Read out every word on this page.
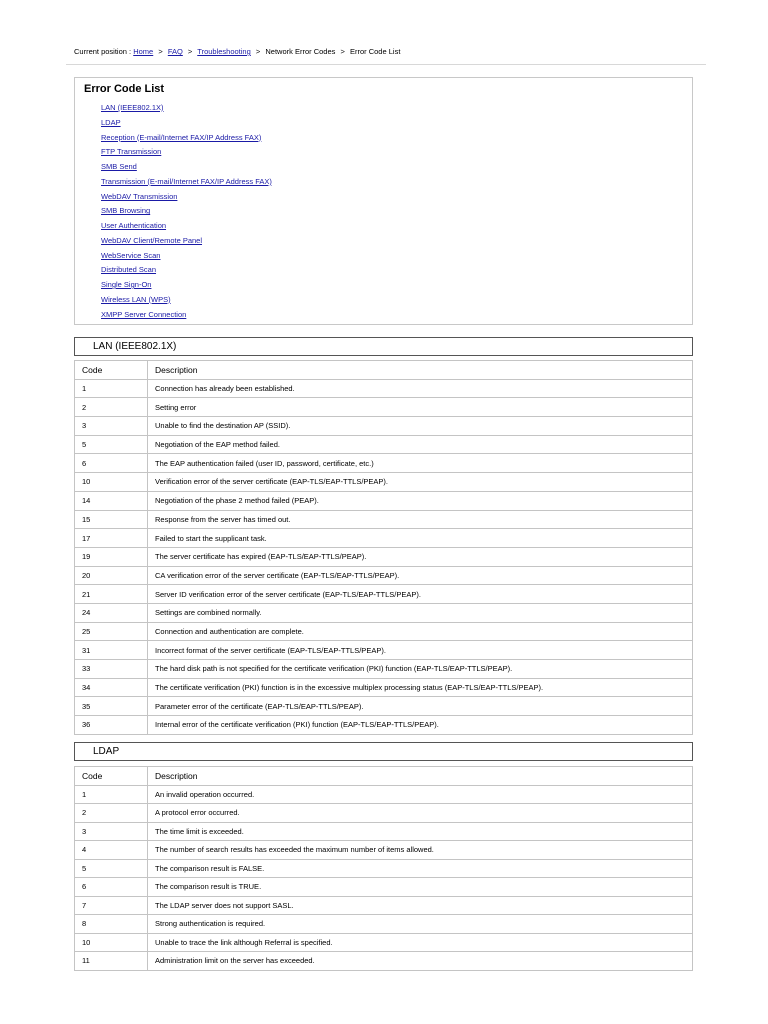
Current position : Home > FAQ > Troubleshooting > Network Error Codes > Error Code List
Error Code List
LAN (IEEE802.1X)
LDAP
Reception (E-mail/Internet FAX/IP Address FAX)
FTP Transmission
SMB Send
Transmission (E-mail/Internet FAX/IP Address FAX)
WebDAV Transmission
SMB Browsing
User Authentication
WebDAV Client/Remote Panel
WebService Scan
Distributed Scan
Single Sign-On
Wireless LAN (WPS)
XMPP Server Connection
LAN (IEEE802.1X)
Code	Description
1	Connection has already been established.
2	Setting error
3	Unable to find the destination AP (SSID).
5	Negotiation of the EAP method failed.
6	The EAP authentication failed (user ID, password, certificate, etc.)
10	Verification error of the server certificate (EAP-TLS/EAP-TTLS/PEAP).
14	Negotiation of the phase 2 method failed (PEAP).
15	Response from the server has timed out.
17	Failed to start the supplicant task.
19	The server certificate has expired (EAP-TLS/EAP-TTLS/PEAP).
20	CA verification error of the server certificate (EAP-TLS/EAP-TTLS/PEAP).
21	Server ID verification error of the server certificate (EAP-TLS/EAP-TTLS/PEAP).
24	Settings are combined normally.
25	Connection and authentication are complete.
31	Incorrect format of the server certificate (EAP-TLS/EAP-TTLS/PEAP).
33	The hard disk path is not specified for the certificate verification (PKI) function (EAP-TLS/EAP-TTLS/PEAP).
34	The certificate verification (PKI) function is in the excessive multiplex processing status (EAP-TLS/EAP-TTLS/PEAP).
35	Parameter error of the certificate (EAP-TLS/EAP-TTLS/PEAP).
36	Internal error of the certificate verification (PKI) function (EAP-TLS/EAP-TTLS/PEAP).
LDAP
Code	Description
1	An invalid operation occurred.
2	A protocol error occurred.
3	The time limit is exceeded.
4	The number of search results has exceeded the maximum number of items allowed.
5	The comparison result is FALSE.
6	The comparison result is TRUE.
7	The LDAP server does not support SASL.
8	Strong authentication is required.
10	Unable to trace the link although Referral is specified.
11	Administration limit on the server has exceeded.
